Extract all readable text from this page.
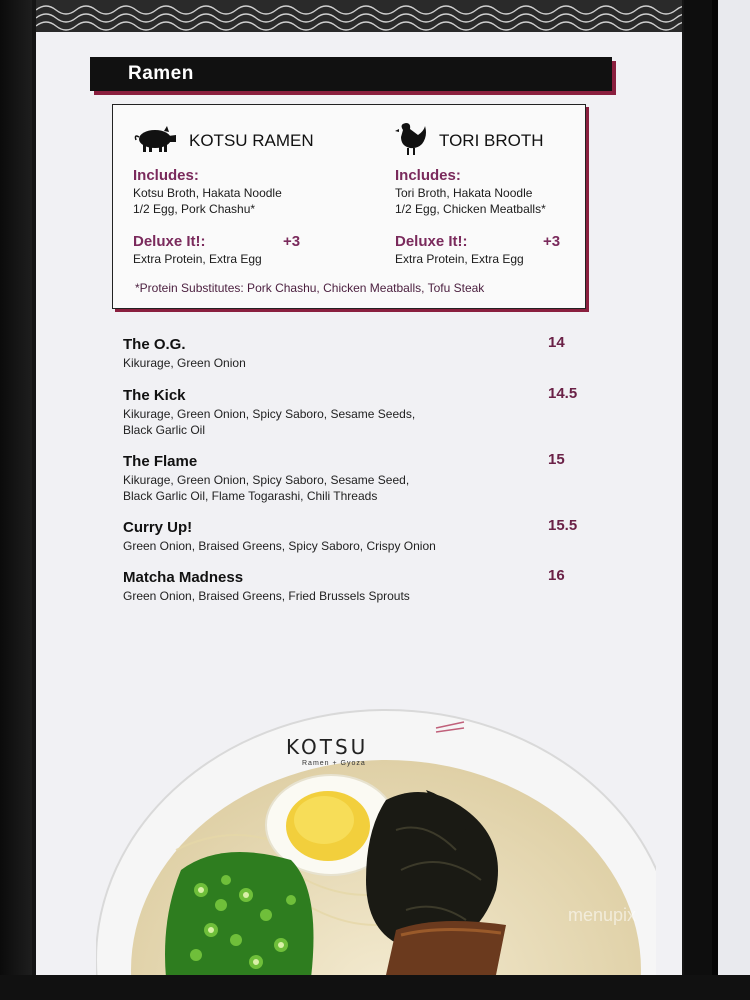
Ramen
KOTSU RAMEN
Includes:
Kotsu Broth, Hakata Noodle
1/2 Egg, Pork Chashu*
Deluxe It!:	+3
Extra Protein, Extra Egg
TORI BROTH
Includes:
Tori Broth, Hakata Noodle
1/2 Egg, Chicken Meatballs*
Deluxe It!:	+3
Extra Protein, Extra Egg
*Protein Substitutes: Pork Chashu, Chicken Meatballs, Tofu Steak
The O.G.
Kikurage, Green Onion
14
The Kick
Kikurage, Green Onion, Spicy Saboro, Sesame Seeds,
Black Garlic Oil
14.5
The Flame
Kikurage, Green Onion, Spicy Saboro, Sesame Seed,
Black Garlic Oil, Flame Togarashi, Chili Threads
15
Curry Up!
Green Onion, Braised Greens, Spicy Saboro, Crispy Onion
15.5
Matcha Madness
Green Onion, Braised Greens, Fried Brussels Sprouts
16
KOTSU
Ramen + Gyoza
menupix
